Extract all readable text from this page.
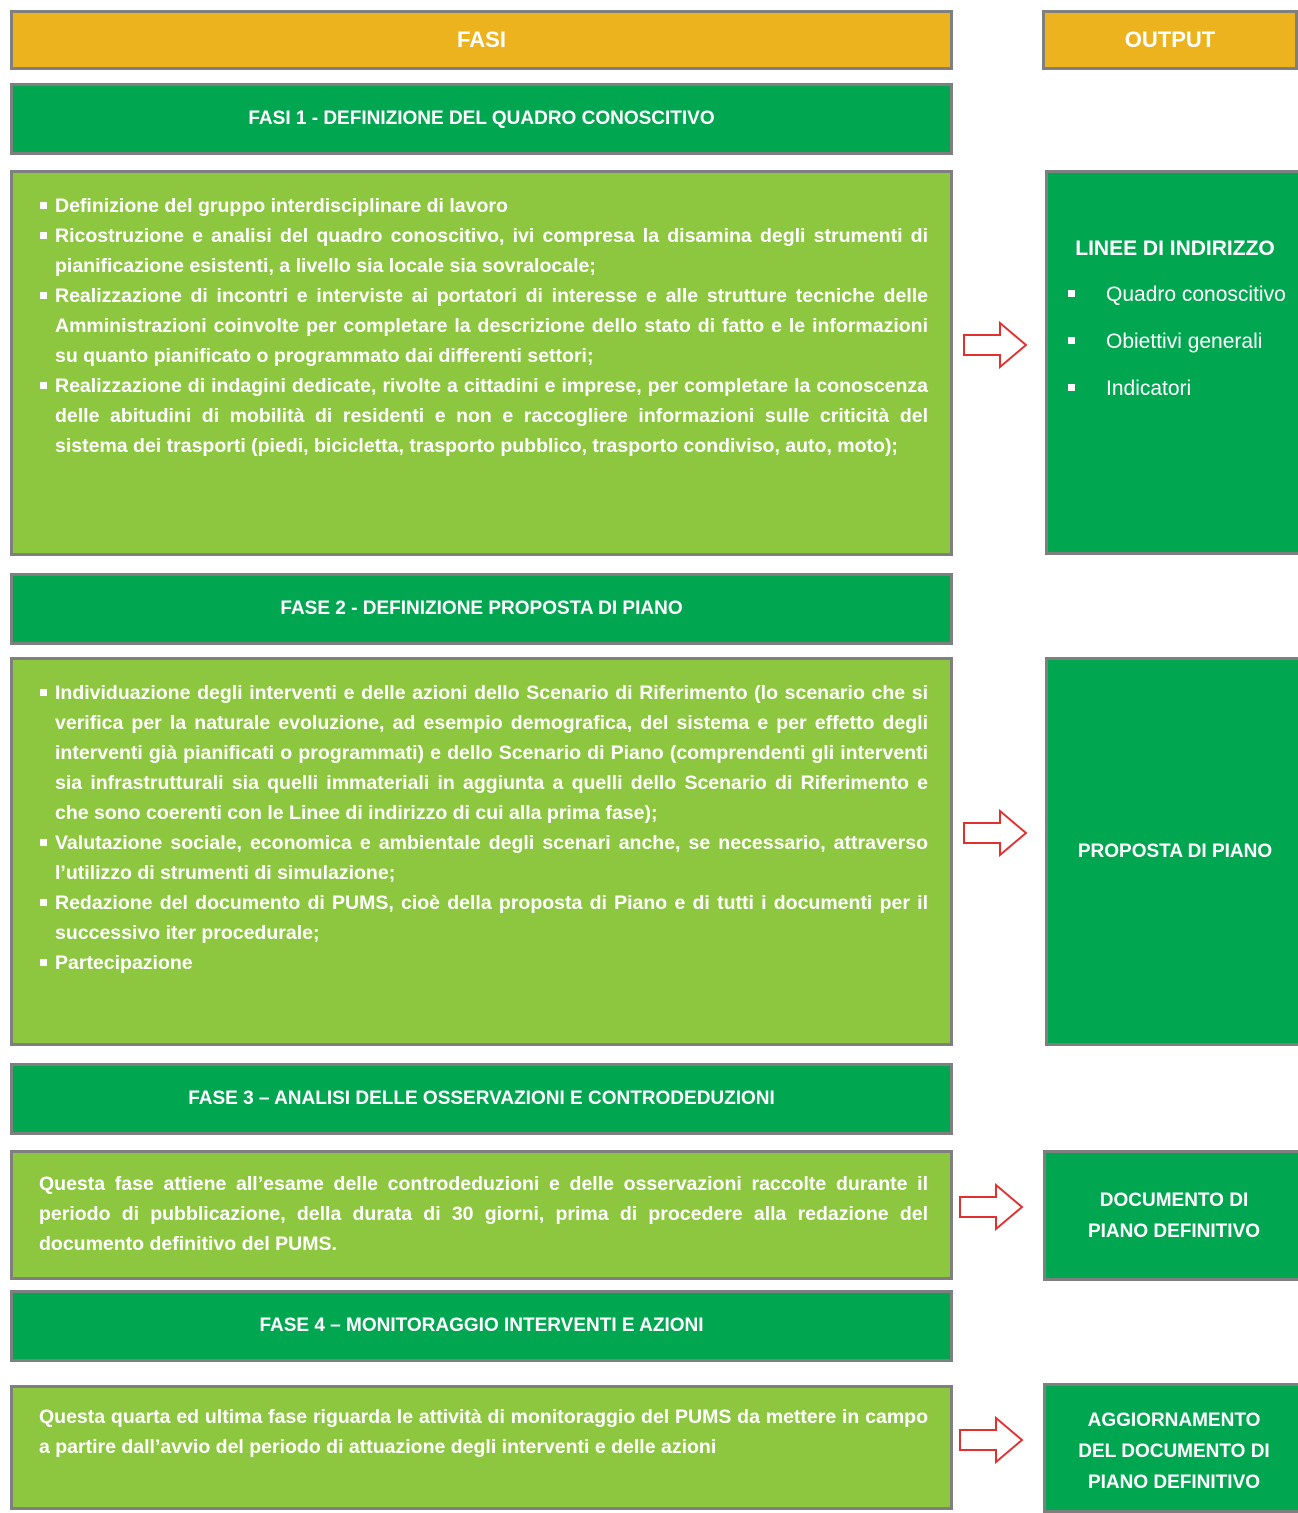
FASI	OUTPUT
FASI 1 - DEFINIZIONE DEL QUADRO CONOSCITIVO
Definizione del gruppo interdisciplinare di lavoro
Ricostruzione e analisi del quadro conoscitivo, ivi compresa la disamina degli strumenti di pianificazione esistenti, a livello sia locale sia sovralocale;
Realizzazione di incontri e interviste ai portatori di interesse e alle strutture tecniche delle Amministrazioni coinvolte per completare la descrizione dello stato di fatto e le informazioni su quanto pianificato o programmato dai differenti settori;
Realizzazione di indagini dedicate, rivolte a cittadini e imprese, per completare la conoscenza delle abitudini di mobilità di residenti e non e raccogliere informazioni sulle criticità del sistema dei trasporti (piedi, bicicletta, trasporto pubblico, trasporto condiviso, auto, moto);
FASE 2 - DEFINIZIONE PROPOSTA DI PIANO
Individuazione degli interventi e delle azioni dello Scenario di Riferimento (lo scenario che si verifica per la naturale evoluzione, ad esempio demografica, del sistema e per effetto degli interventi già pianificati o programmati) e dello Scenario di Piano (comprendenti gli interventi sia infrastrutturali sia quelli immateriali in aggiunta a quelli dello Scenario di Riferimento e che sono coerenti con le Linee di indirizzo di cui alla prima fase);
Valutazione sociale, economica e ambientale degli scenari anche, se necessario, attraverso l’utilizzo di strumenti di simulazione;
Redazione del documento di PUMS, cioè della proposta di Piano e di tutti i documenti per il successivo iter procedurale;
Partecipazione
FASE 3 – ANALISI DELLE OSSERVAZIONI E CONTRODEDUZIONI

Questa fase attiene all’esame delle controdeduzioni e delle osservazioni raccolte durante il periodo di pubblicazione, della durata di 30 giorni, prima di procedere alla redazione del documento definitivo del PUMS.

FASE 4 – MONITORAGGIO INTERVENTI E AZIONI

Questa quarta ed ultima fase riguarda le attività di monitoraggio del PUMS da mettere in campo a partire dall’avvio del periodo di attuazione degli interventi e delle azioni

LINEE DI INDIRIZZO
Quadro conoscitivo
Obiettivi generali
Indicatori
PROPOSTA DI PIANO
DOCUMENTO DI PIANO DEFINITIVO
AGGIORNAMENTO DEL DOCUMENTO DI PIANO DEFINITIVO
